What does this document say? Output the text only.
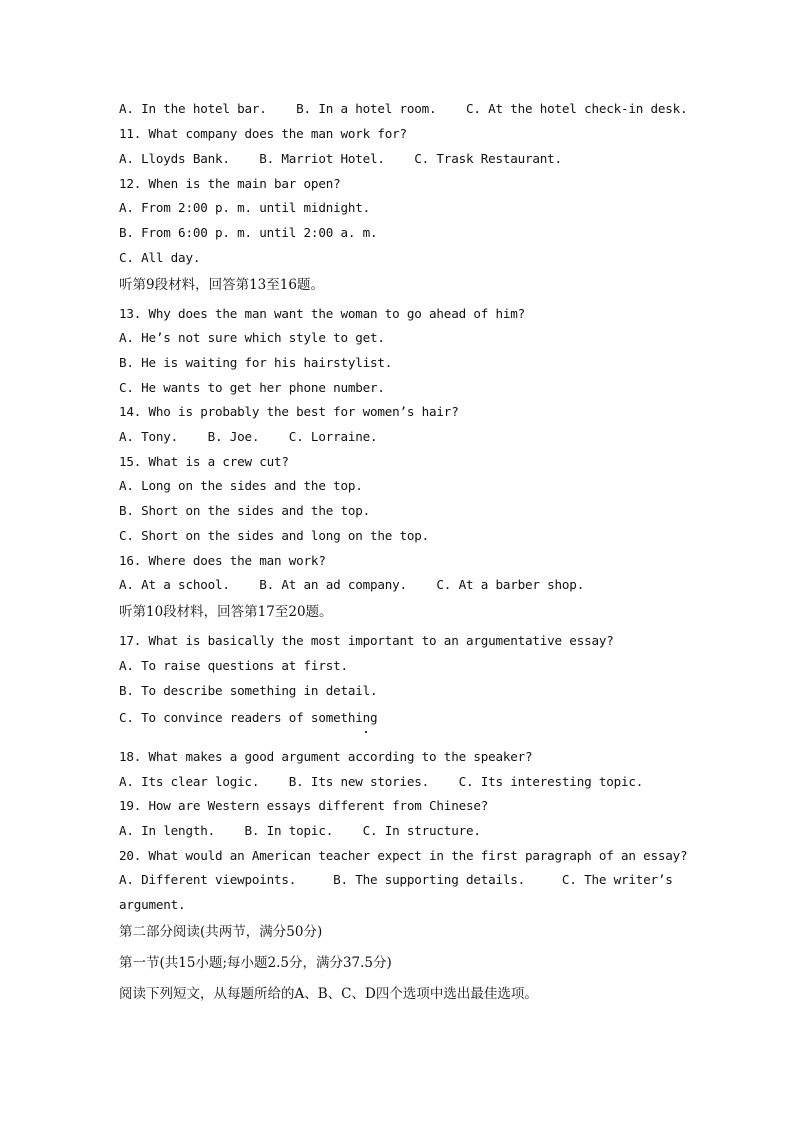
A. In the hotel bar.    B. In a hotel room.    C. At the hotel check-in desk.
11. What company does the man work for?
A. Lloyds Bank.    B. Marriot Hotel.    C. Trask Restaurant.
12. When is the main bar open?
A. From 2:00 p. m. until midnight.
B. From 6:00 p. m. until 2:00 a. m.
C. All day.
听第9段材料，回答第13至16题。
13. Why does the man want the woman to go ahead of him?
A. He’s not sure which style to get.
B. He is waiting for his hairstylist.
C. He wants to get her phone number.
14. Who is probably the best for women’s hair?
A. Tony.    B. Joe.    C. Lorraine.
15. What is a crew cut?
A. Long on the sides and the top.
B. Short on the sides and the top.
C. Short on the sides and long on the top.
16. Where does the man work?
A. At a school.    B. At an ad company.    C. At a barber shop.
听第10段材料，回答第17至20题。
17. What is basically the most important to an argumentative essay?
A. To raise questions at first.
B. To describe something in detail.
C. To convince readers of something
18. What makes a good argument according to the speaker?
A. Its clear logic.    B. Its new stories.    C. Its interesting topic.
19. How are Western essays different from Chinese?
A. In length.    B. In topic.    C. In structure.
20. What would an American teacher expect in the first paragraph of an essay?
A. Different viewpoints.     B. The supporting details.     C. The writer’s
argument.
第二部分阅读(共两节，满分50分)
第一节(共15小题;每小题2.5分，满分37.5分)
阅读下列短文，从每题所给的A、B、C、D四个选项中选出最佳选项。
